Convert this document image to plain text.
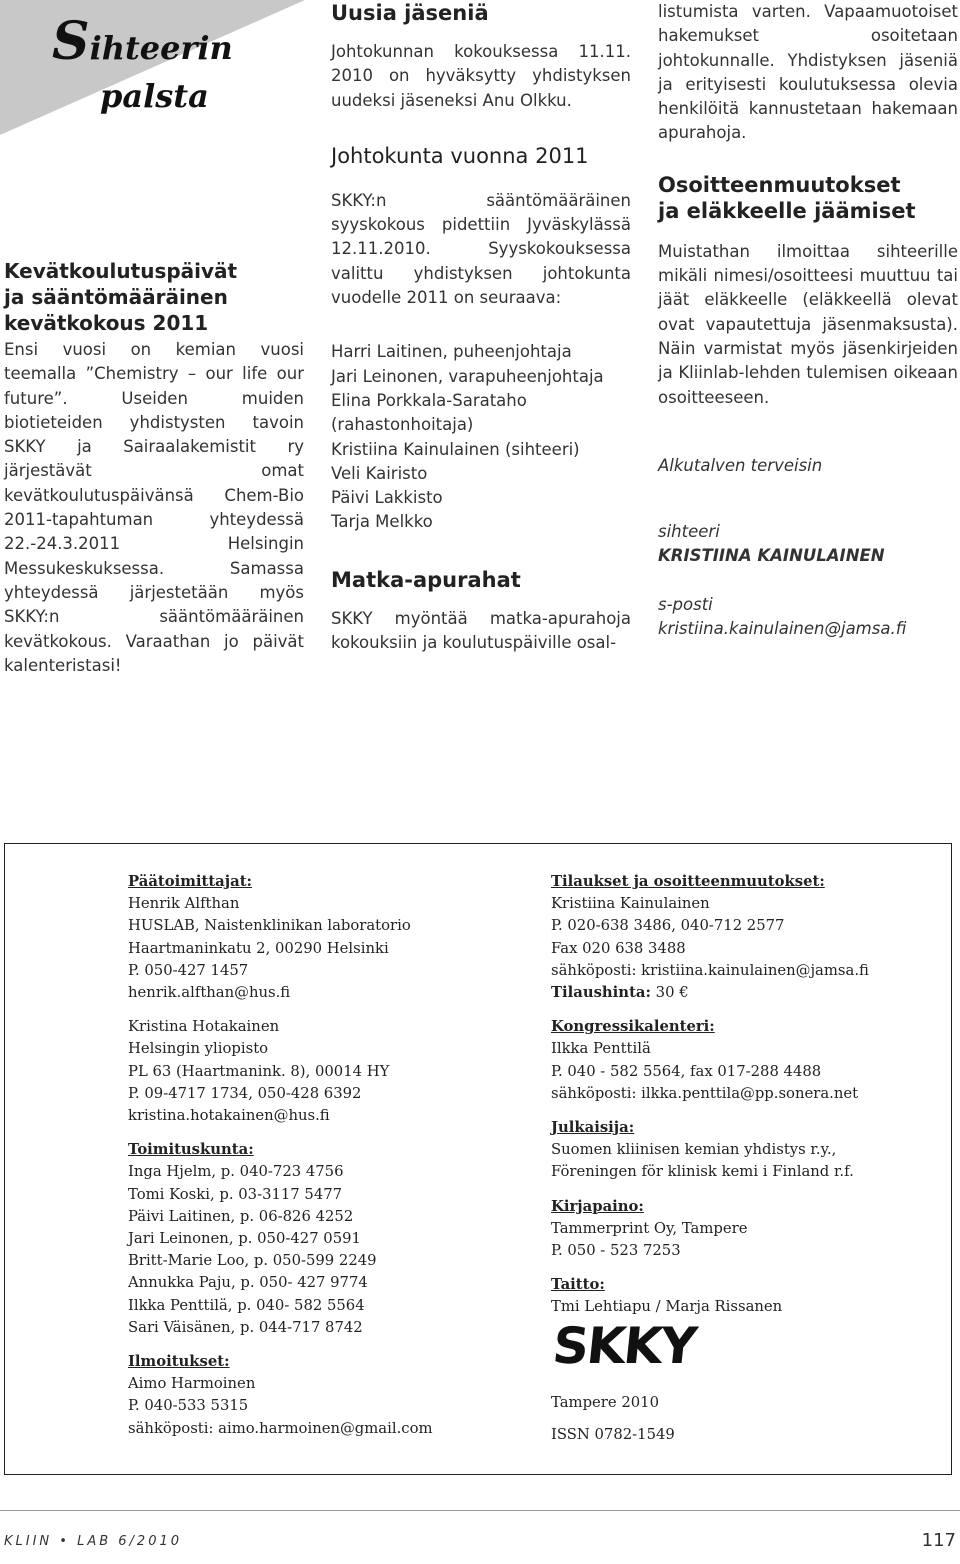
Sihteerin
palsta
Kevätkoulutuspäivät
ja sääntömääräinen
kevätkokous 2011
Ensi vuosi on kemian vuosi teemalla ”Chemistry – our life our future”. Useiden muiden biotieteiden yhdistysten tavoin SKKY ja Sairaalakemistit ry järjestävät omat kevätkoulutuspäivänsä Chem-Bio 2011-tapahtuman yhteydessä 22.-24.3.2011 Helsingin Messukeskuksessa. Samassa yhteydessä järjestetään myös SKKY:n sääntömääräinen kevätkokous. Varaathan jo päivät kalenteristasi!
Uusia jäseniä

Johtokunnan kokouksessa 11.11. 2010 on hyväksytty yhdistyksen uudeksi jäseneksi Anu Olkku.

Johtokunta vuonna 2011

SKKY:n sääntömääräinen syyskokous pidettiin Jyväskylässä 12.11.2010. Syyskokouksessa valittu yhdistyksen johtokunta vuodelle 2011 on seuraava:

Harri Laitinen, puheenjohtaja
Jari Leinonen, varapuheenjohtaja
Elina Porkkala-Sarataho (rahastonhoitaja)
Kristiina Kainulainen (sihteeri)
Veli Kairisto
Päivi Lakkisto
Tarja Melkko
Matka-apurahat

SKKY myöntää matka-apurahoja kokouksiin ja koulutuspäiville osal-

listumista varten. Vapaamuotoiset hakemukset osoitetaan johtokunnalle. Yhdistyksen jäseniä ja erityisesti koulutuksessa olevia henkilöitä kannustetaan hakemaan apurahoja.

Osoitteenmuutokset
ja eläkkeelle jäämiset

Muistathan ilmoittaa sihteerille mikäli nimesi/osoitteesi muuttuu tai jäät eläkkeelle (eläkkeellä olevat ovat vapautettuja jäsenmaksusta). Näin varmistat myös jäsenkirjeiden ja Kliinlab-lehden tulemisen oikeaan osoitteeseen.

Alkutalven terveisin

sihteeri

KRISTIINA KAINULAINEN

s-posti

kristiina.kainulainen@jamsa.fi

Päätoimittajat:
Henrik Alfthan
HUSLAB, Naistenklinikan laboratorio
Haartmaninkatu 2, 00290 Helsinki
P. 050-427 1457
henrik.alfthan@hus.fi
Kristina Hotakainen
Helsingin yliopisto
PL 63 (Haartmanink. 8), 00014 HY
P. 09-4717 1734, 050-428 6392
kristina.hotakainen@hus.fi
Toimituskunta:
Inga Hjelm, p. 040-723 4756
Tomi Koski, p. 03-3117 5477
Päivi Laitinen, p. 06-826 4252
Jari Leinonen, p. 050-427 0591
Britt-Marie Loo, p. 050-599 2249
Annukka Paju, p. 050- 427 9774
Ilkka Penttilä, p. 040- 582 5564
Sari Väisänen, p. 044-717 8742
Ilmoitukset:
Aimo Harmoinen
P. 040-533 5315
sähköposti: aimo.harmoinen@gmail.com
Tilaukset ja osoitteenmuutokset:
Kristiina Kainulainen
P. 020-638 3486, 040-712 2577
Fax 020 638 3488
sähköposti: kristiina.kainulainen@jamsa.fi
Tilaushinta: 30 €
Kongressikalenteri:
Ilkka Penttilä
P. 040 - 582 5564, fax 017-288 4488
sähköposti: ilkka.penttila@pp.sonera.net
Julkaisija:
Suomen kliinisen kemian yhdistys r.y.,
Föreningen för klinisk kemi i Finland r.f.
Kirjapaino:
Tammerprint Oy, Tampere
P. 050 - 523 7253
Taitto:
Tmi Lehtiapu / Marja Rissanen
SKKY
Tampere 2010
ISSN 0782-1549
KLIIN • LAB 6/2010	117
